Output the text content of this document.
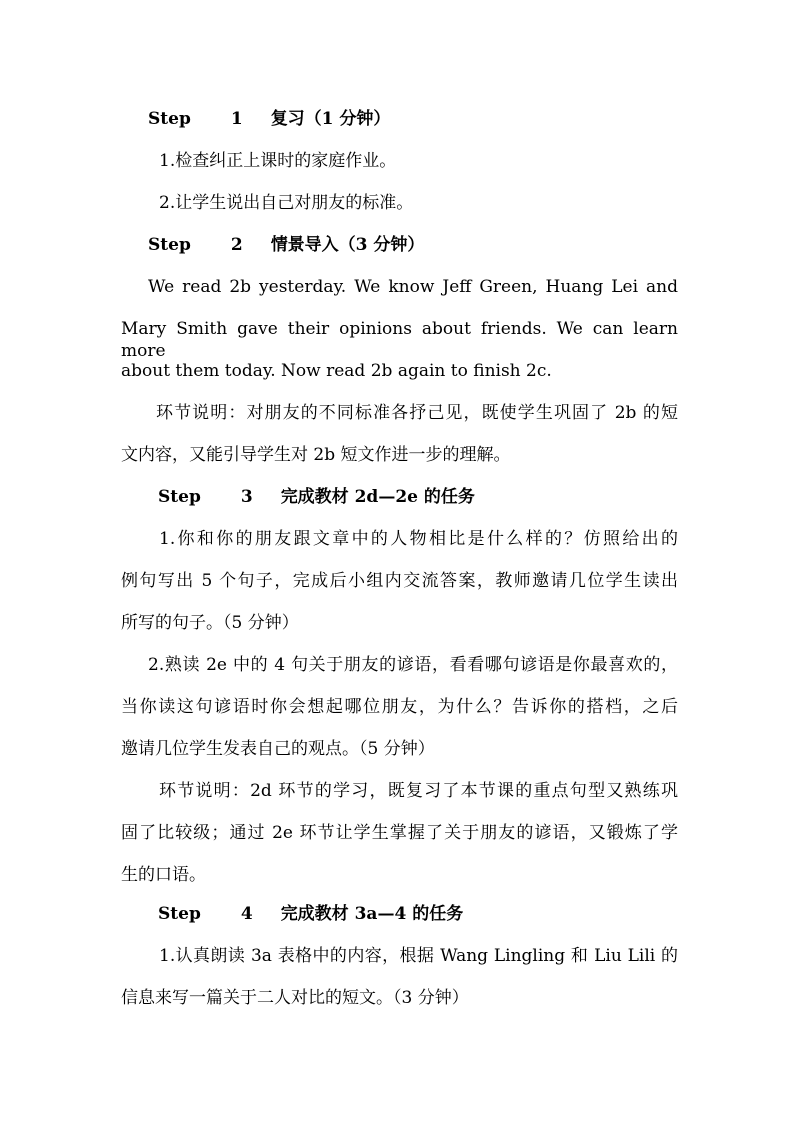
Step 1 复习（1 分钟）
1.检查纠正上课时的家庭作业。
2.让学生说出自己对朋友的标准。
Step 2 情景导入（3 分钟）
We read 2b yesterday. We know Jeff Green, Huang Lei and
Mary Smith gave their opinions about friends. We can learn more
about them today. Now read 2b again to finish 2c.
环节说明：对朋友的不同标准各抒己见，既使学生巩固了 2b 的短
文内容，又能引导学生对 2b 短文作进一步的理解。
Step 3 完成教材 2d—2e 的任务
1.你和你的朋友跟文章中的人物相比是什么样的？仿照给出的
例句写出 5 个句子，完成后小组内交流答案，教师邀请几位学生读出
所写的句子。（5 分钟）
2.熟读 2e 中的 4 句关于朋友的谚语，看看哪句谚语是你最喜欢的，
当你读这句谚语时你会想起哪位朋友，为什么？告诉你的搭档，之后
邀请几位学生发表自己的观点。（5 分钟）
环节说明：2d 环节的学习，既复习了本节课的重点句型又熟练巩
固了比较级；通过 2e 环节让学生掌握了关于朋友的谚语，又锻炼了学
生的口语。
Step 4 完成教材 3a—4 的任务
1.认真朗读 3a 表格中的内容，根据 Wang Lingling 和 Liu Lili 的
信息来写一篇关于二人对比的短文。（3 分钟）
